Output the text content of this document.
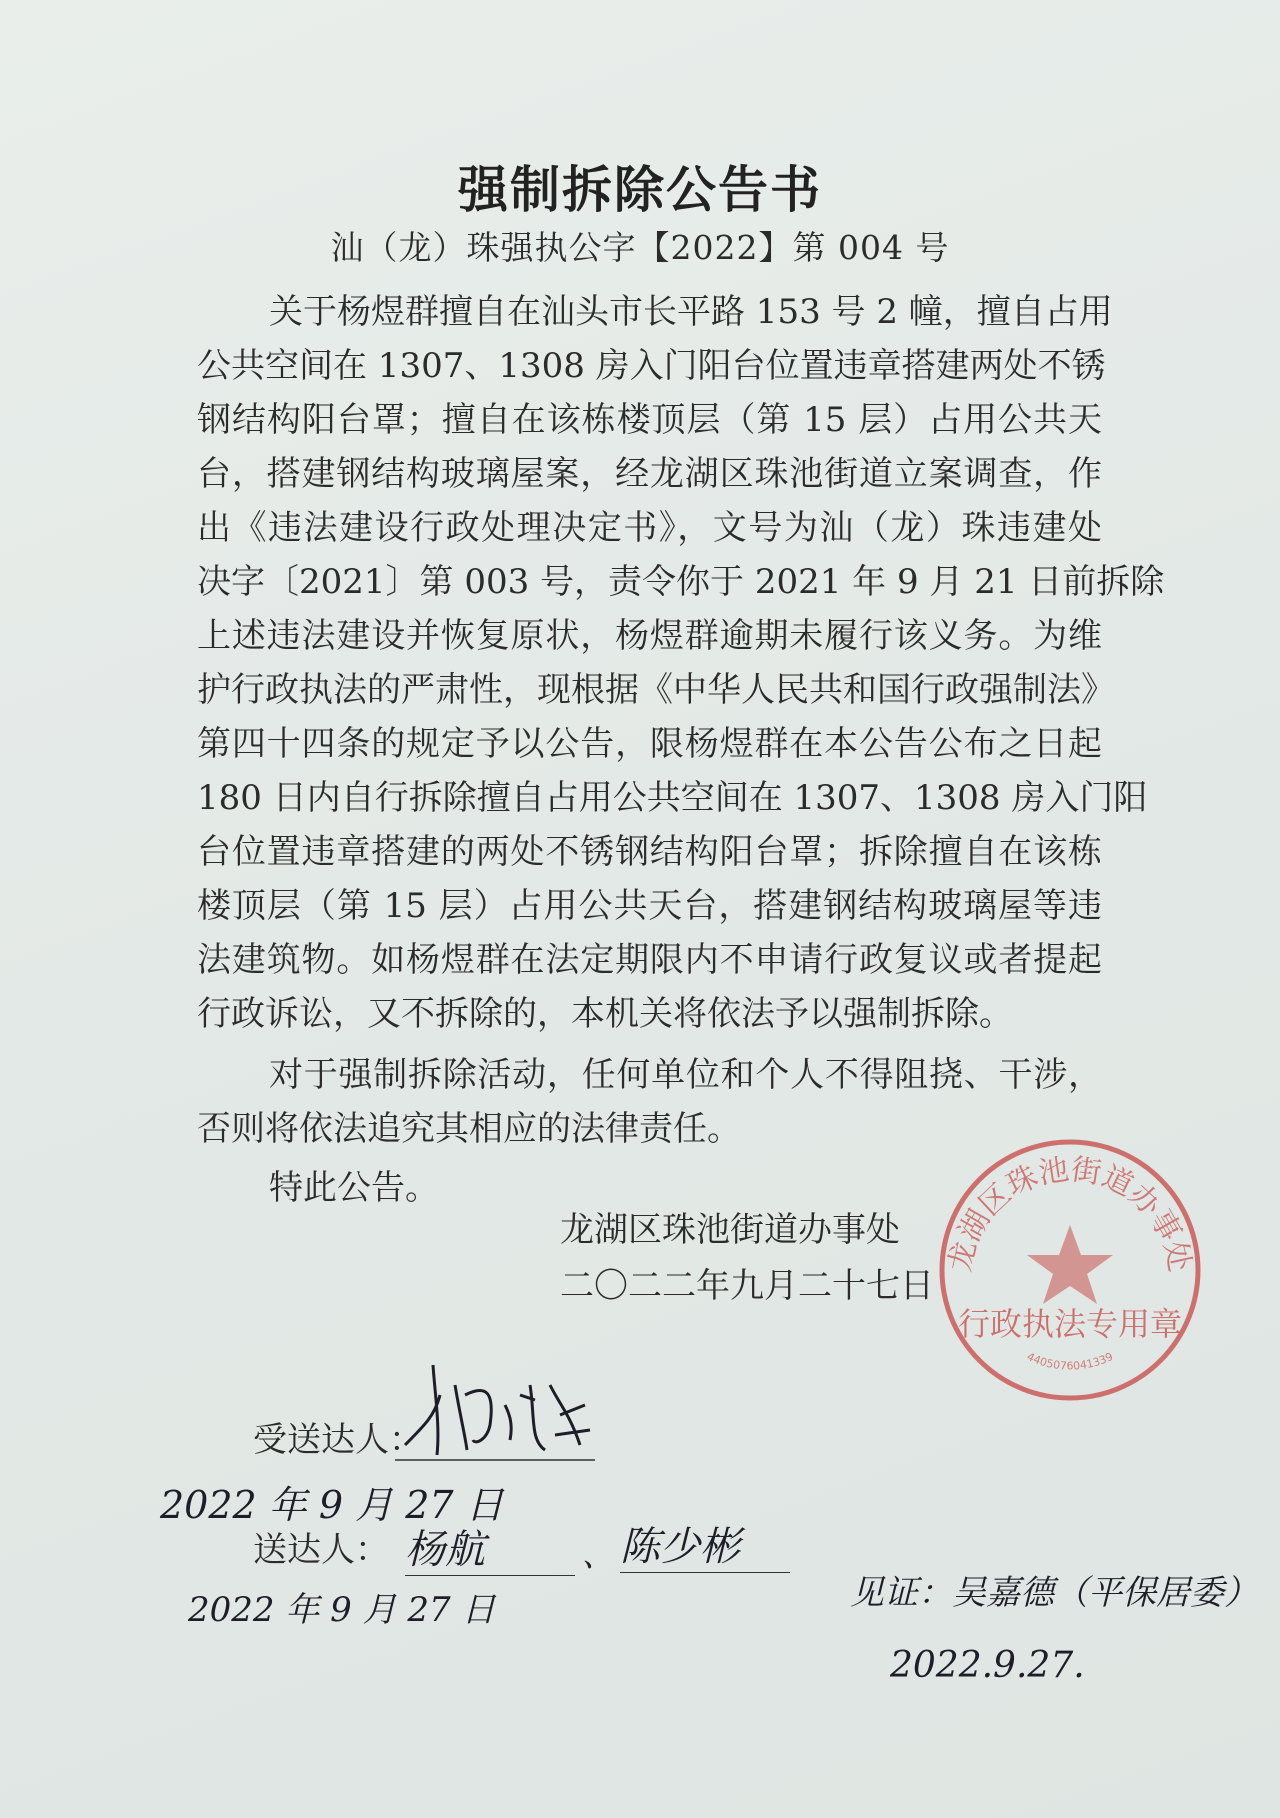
强制拆除公告书
汕（龙）珠强执公字【2022】第 004 号
关于杨煜群擅自在汕头市长平路 153 号 2 幢，擅自占用
公共空间在 1307、1308 房入门阳台位置违章搭建两处不锈
钢结构阳台罩；擅自在该栋楼顶层（第 15 层）占用公共天
台，搭建钢结构玻璃屋案，经龙湖区珠池街道立案调查，作
出《违法建设行政处理决定书》，文号为汕（龙）珠违建处
决字〔2021〕第 003 号，责令你于 2021 年 9 月 21 日前拆除
上述违法建设并恢复原状，杨煜群逾期未履行该义务。为维
护行政执法的严肃性，现根据《中华人民共和国行政强制法》
第四十四条的规定予以公告，限杨煜群在本公告公布之日起
180 日内自行拆除擅自占用公共空间在 1307、1308 房入门阳
台位置违章搭建的两处不锈钢结构阳台罩；拆除擅自在该栋
楼顶层（第 15 层）占用公共天台，搭建钢结构玻璃屋等违
法建筑物。如杨煜群在法定期限内不申请行政复议或者提起
行政诉讼，又不拆除的，本机关将依法予以强制拆除。
对于强制拆除活动，任何单位和个人不得阻挠、干涉，
否则将依法追究其相应的法律责任。
特此公告。
龙湖区珠池街道办事处
行政执法专用章
4405076041339
龙湖区珠池街道办事处
二〇二二年九月二十七日
受送达人：
2022 年 9 月 27 日
送达人： 杨航	、 陈少彬
2022 年 9 月 27 日	见证：吴嘉德（平保居委）
2022.9.27.
